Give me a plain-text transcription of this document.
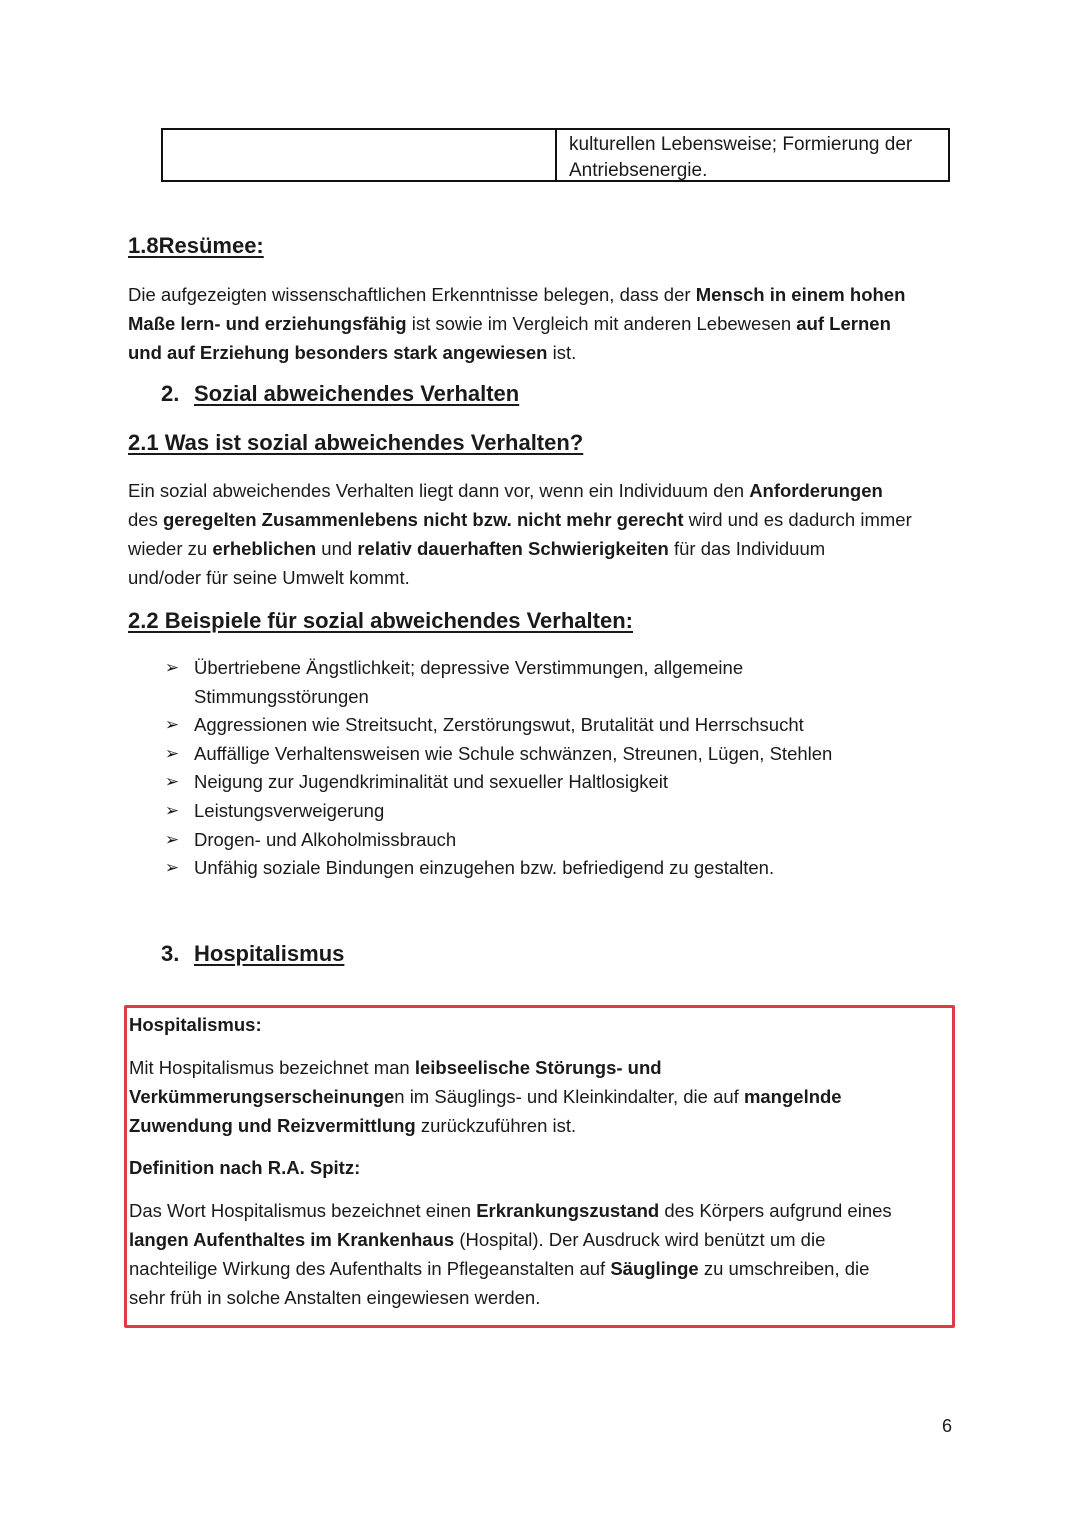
kulturellen Lebensweise; Formierung der
Antriebsenergie.
1.8Resümee:
Die aufgezeigten wissenschaftlichen Erkenntnisse belegen, dass der Mensch in einem hohen
Maße lern- und erziehungsfähig ist sowie im Vergleich mit anderen Lebewesen auf Lernen
und auf Erziehung besonders stark angewiesen ist.
2. Sozial abweichendes Verhalten
2.1 Was ist sozial abweichendes Verhalten?
Ein sozial abweichendes Verhalten liegt dann vor, wenn ein Individuum den Anforderungen
des geregelten Zusammenlebens nicht bzw. nicht mehr gerecht wird und es dadurch immer
wieder zu erheblichen und relativ dauerhaften Schwierigkeiten für das Individuum
und/oder für seine Umwelt kommt.
2.2 Beispiele für sozial abweichendes Verhalten:
➢ Übertriebene Ängstlichkeit; depressive Verstimmungen, allgemeine
Stimmungsstörungen
➢ Aggressionen wie Streitsucht, Zerstörungswut, Brutalität und Herrschsucht
➢ Auffällige Verhaltensweisen wie Schule schwänzen, Streunen, Lügen, Stehlen
➢ Neigung zur Jugendkriminalität und sexueller Haltlosigkeit
➢ Leistungsverweigerung
➢ Drogen- und Alkoholmissbrauch
➢ Unfähig soziale Bindungen einzugehen bzw. befriedigend zu gestalten.
3. Hospitalismus
Hospitalismus:
Mit Hospitalismus bezeichnet man leibseelische Störungs- und
Verkümmerungserscheinungen im Säuglings- und Kleinkindalter, die auf mangelnde
Zuwendung und Reizvermittlung zurückzuführen ist.
Definition nach R.A. Spitz:
Das Wort Hospitalismus bezeichnet einen Erkrankungszustand des Körpers aufgrund eines
langen Aufenthaltes im Krankenhaus (Hospital). Der Ausdruck wird benützt um die
nachteilige Wirkung des Aufenthalts in Pflegeanstalten auf Säuglinge zu umschreiben, die
sehr früh in solche Anstalten eingewiesen werden.
6
